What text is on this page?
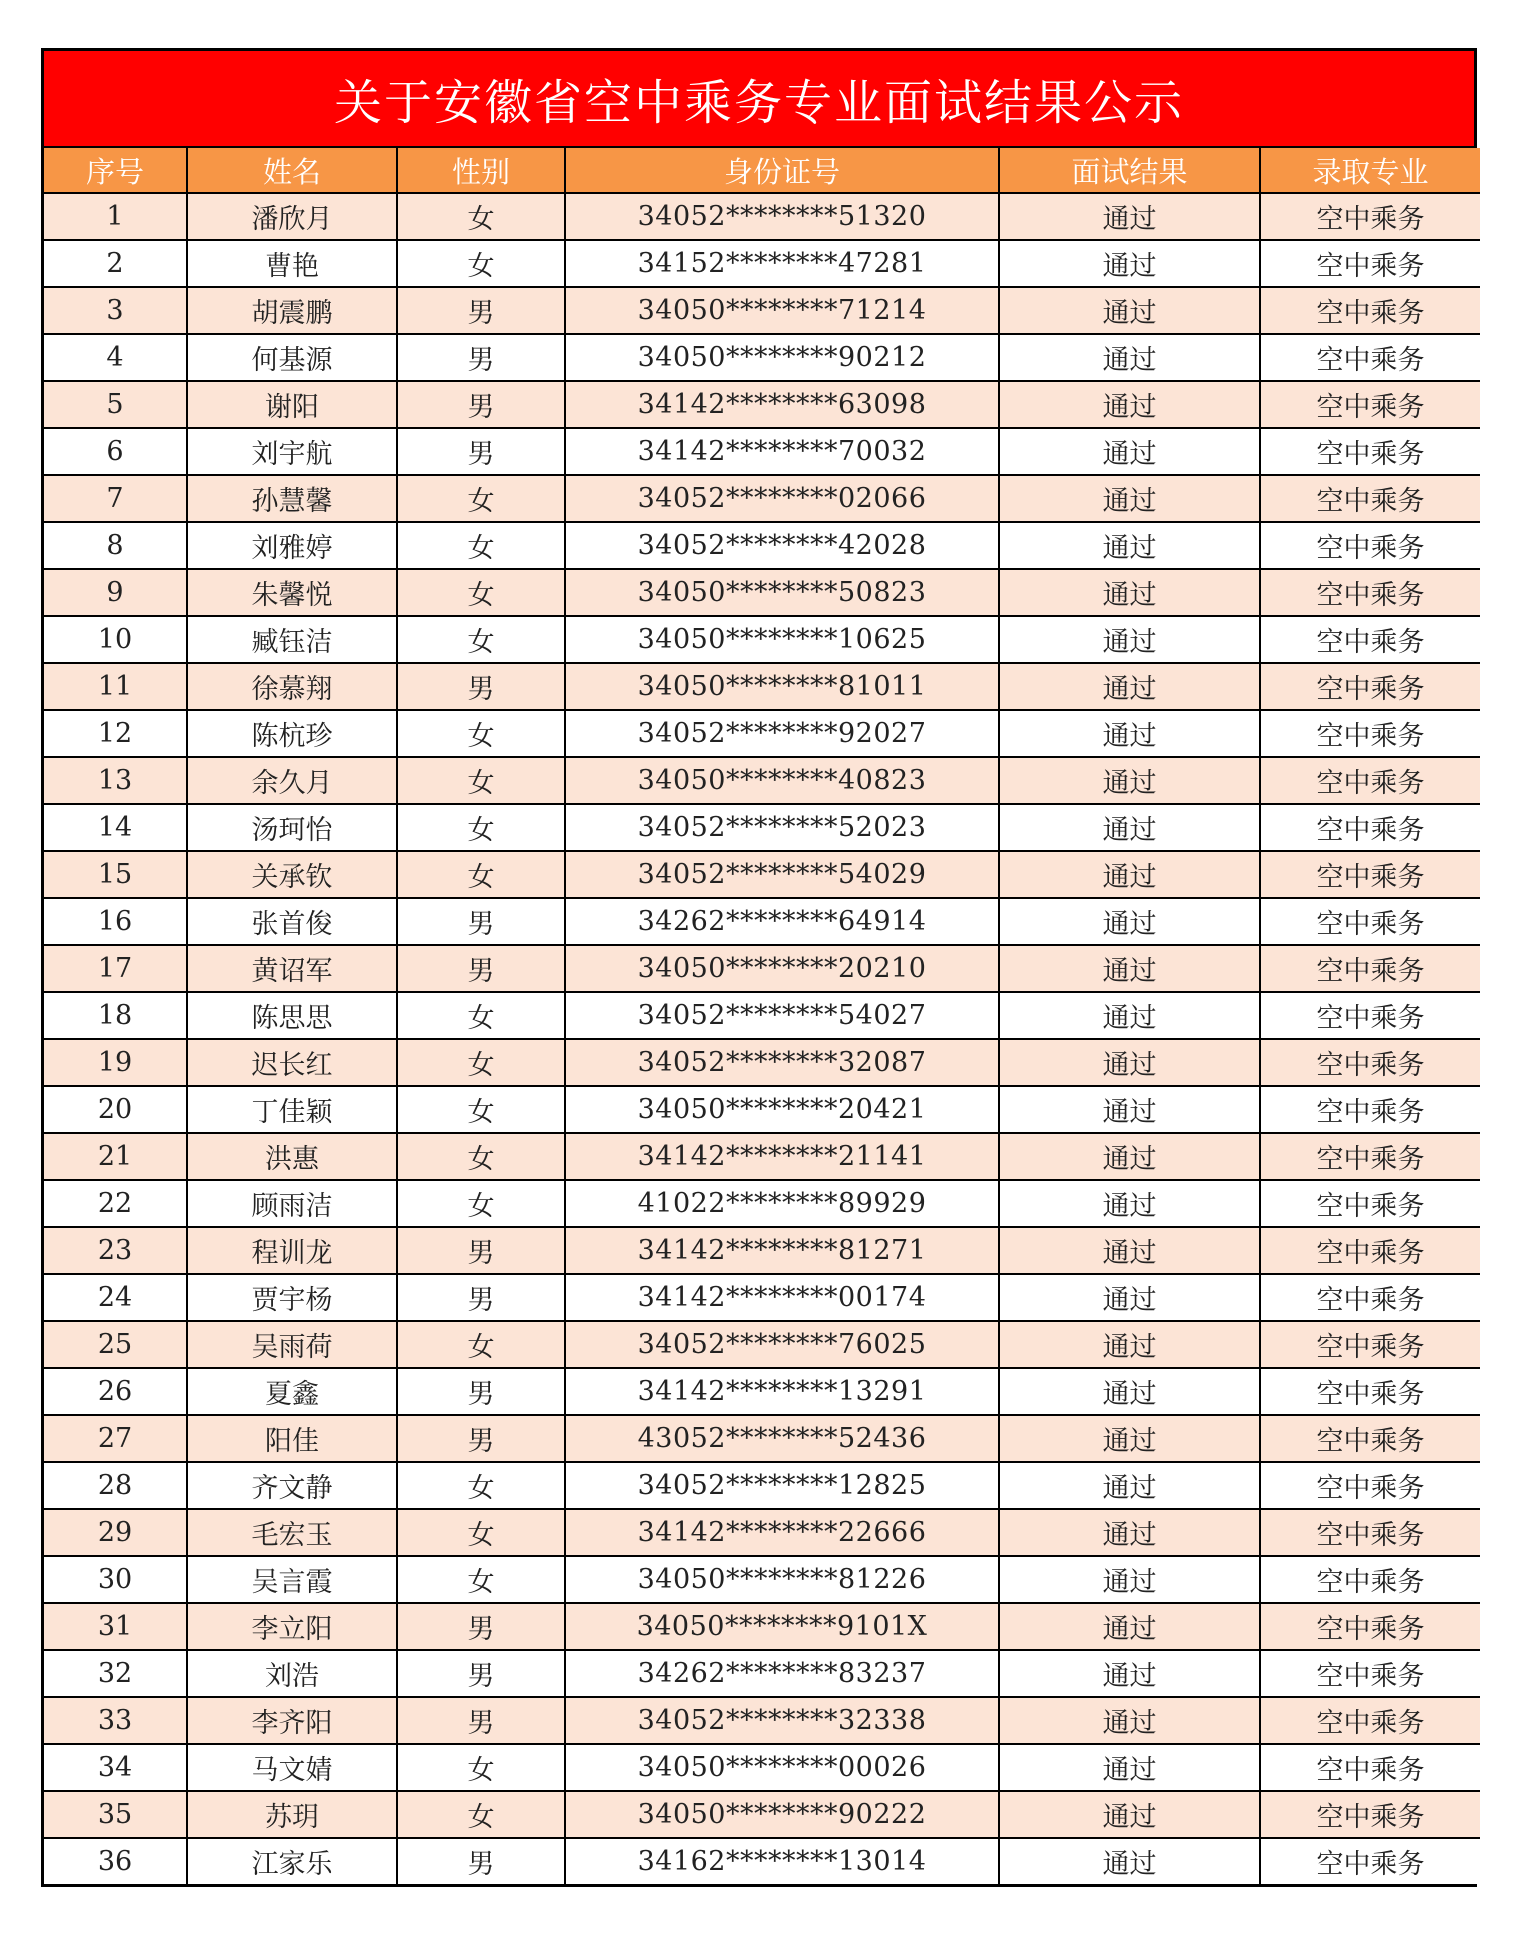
关于安徽省空中乘务专业面试结果公示
序号	姓名	性别	身份证号	面试结果	录取专业
1	潘欣月	女	34052********51320	通过	空中乘务
2	曹艳	女	34152********47281	通过	空中乘务
3	胡震鹏	男	34050********71214	通过	空中乘务
4	何基源	男	34050********90212	通过	空中乘务
5	谢阳	男	34142********63098	通过	空中乘务
6	刘宇航	男	34142********70032	通过	空中乘务
7	孙慧馨	女	34052********02066	通过	空中乘务
8	刘雅婷	女	34052********42028	通过	空中乘务
9	朱馨悦	女	34050********50823	通过	空中乘务
10	臧钰洁	女	34050********10625	通过	空中乘务
11	徐慕翔	男	34050********81011	通过	空中乘务
12	陈杭珍	女	34052********92027	通过	空中乘务
13	余久月	女	34050********40823	通过	空中乘务
14	汤珂怡	女	34052********52023	通过	空中乘务
15	关承钦	女	34052********54029	通过	空中乘务
16	张首俊	男	34262********64914	通过	空中乘务
17	黄诏军	男	34050********20210	通过	空中乘务
18	陈思思	女	34052********54027	通过	空中乘务
19	迟长红	女	34052********32087	通过	空中乘务
20	丁佳颖	女	34050********20421	通过	空中乘务
21	洪惠	女	34142********21141	通过	空中乘务
22	顾雨洁	女	41022********89929	通过	空中乘务
23	程训龙	男	34142********81271	通过	空中乘务
24	贾宇杨	男	34142********00174	通过	空中乘务
25	吴雨荷	女	34052********76025	通过	空中乘务
26	夏鑫	男	34142********13291	通过	空中乘务
27	阳佳	男	43052********52436	通过	空中乘务
28	齐文静	女	34052********12825	通过	空中乘务
29	毛宏玉	女	34142********22666	通过	空中乘务
30	吴言霞	女	34050********81226	通过	空中乘务
31	李立阳	男	34050********9101X	通过	空中乘务
32	刘浩	男	34262********83237	通过	空中乘务
33	李齐阳	男	34052********32338	通过	空中乘务
34	马文婧	女	34050********00026	通过	空中乘务
35	苏玥	女	34050********90222	通过	空中乘务
36	江家乐	男	34162********13014	通过	空中乘务
